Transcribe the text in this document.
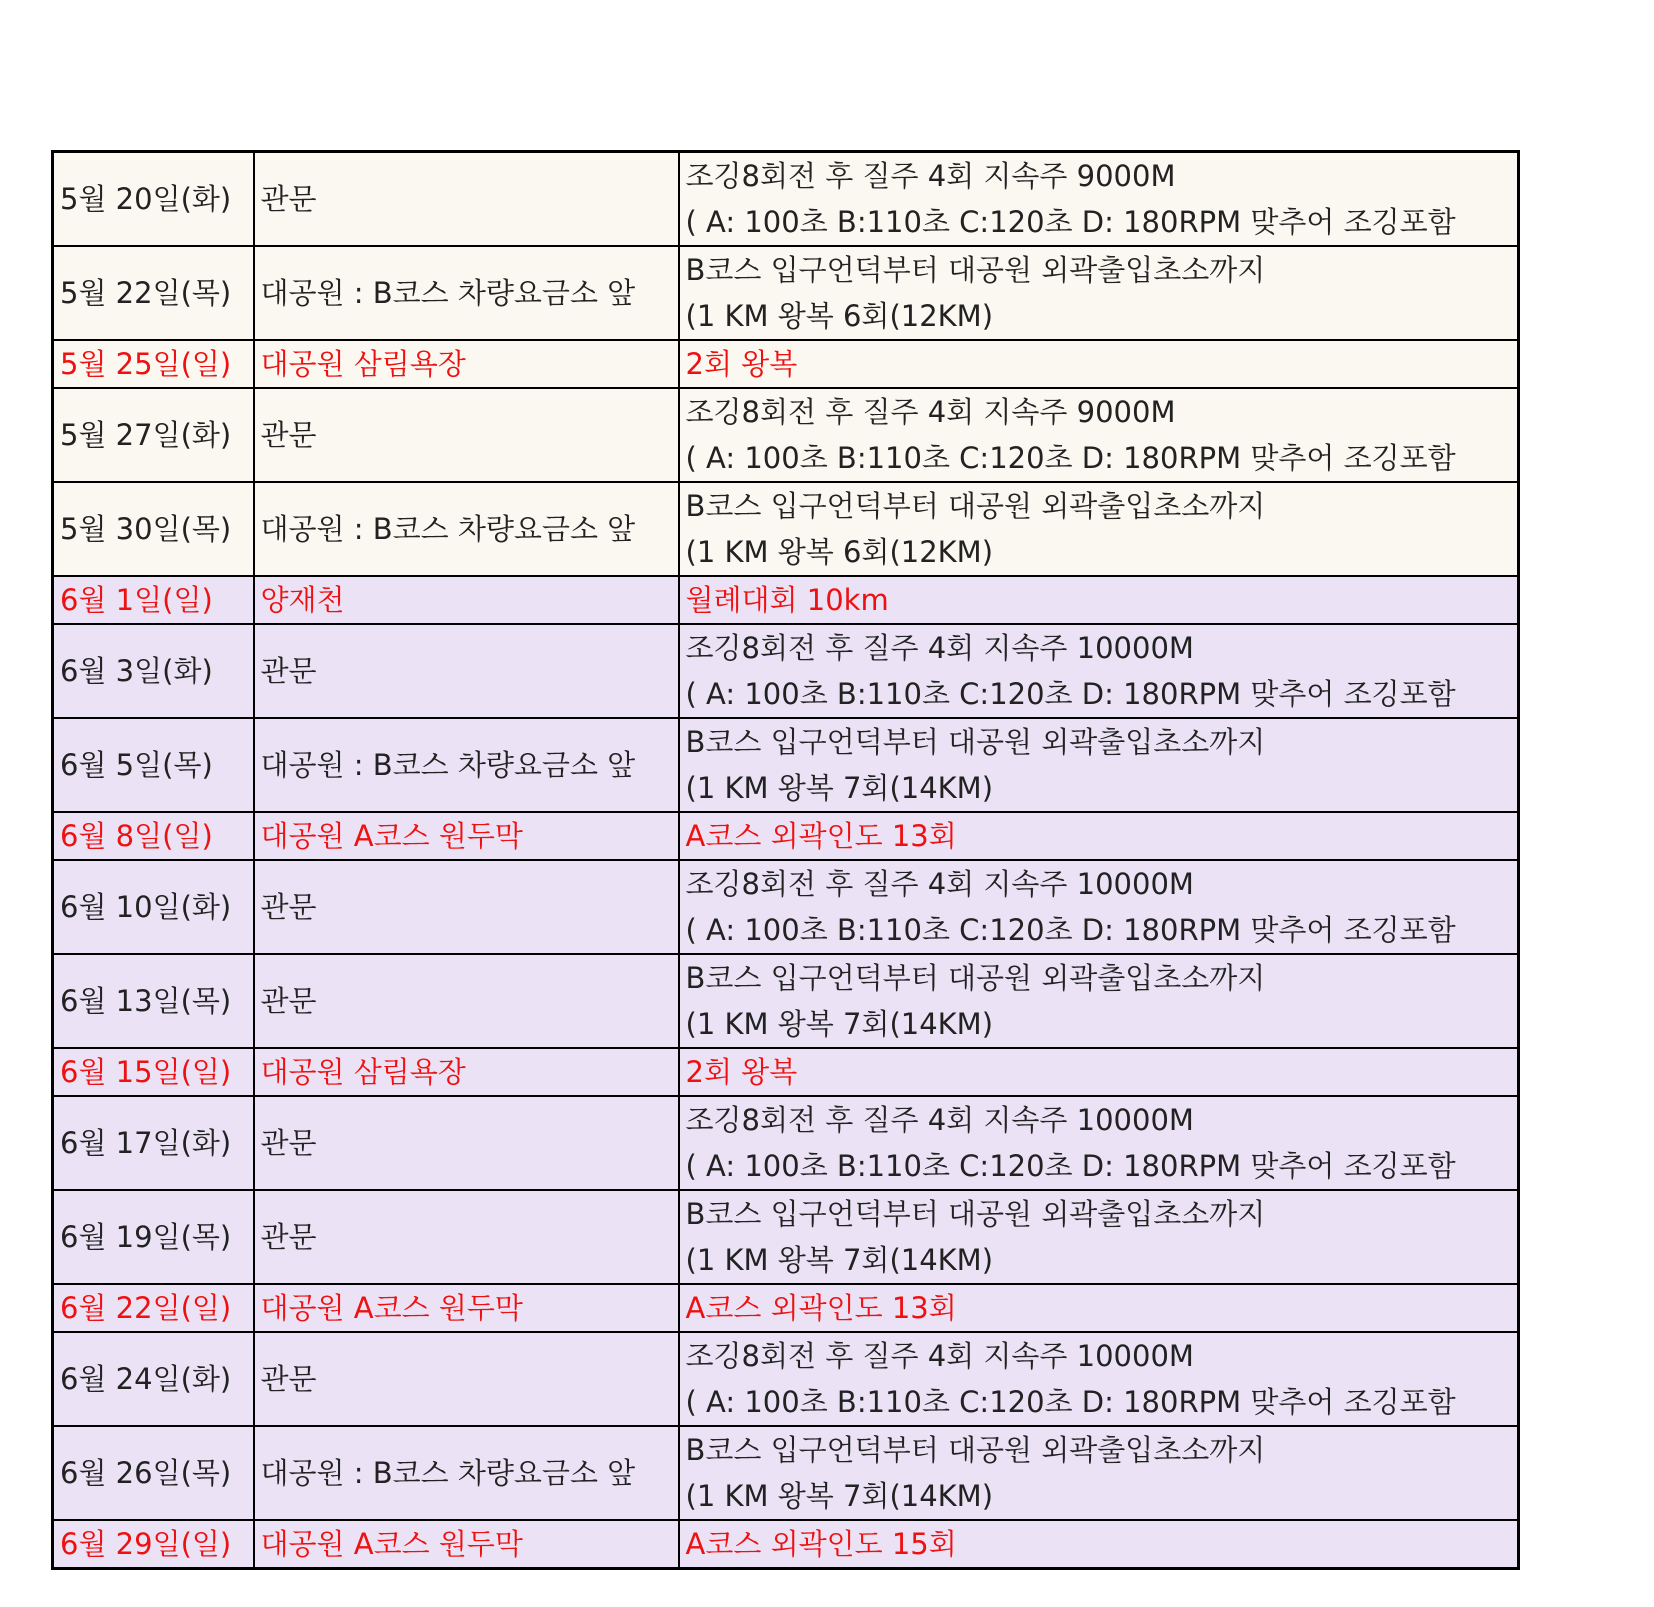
5월 20일(화)	관문	조깅8회전 후 질주 4회 지속주 9000M
( A: 100초 B:110초 C:120초 D: 180RPM 맞추어 조깅포함

5월 22일(목)	대공원 : B코스 차량요금소 앞	B코스 입구언덕부터 대공원 외곽출입초소까지
(1 KM 왕복 6회(12KM)

5월 25일(일)	대공원 삼림욕장	2회 왕복

5월 27일(화)	관문	조깅8회전 후 질주 4회 지속주 9000M
( A: 100초 B:110초 C:120초 D: 180RPM 맞추어 조깅포함

5월 30일(목)	대공원 : B코스 차량요금소 앞	B코스 입구언덕부터 대공원 외곽출입초소까지
(1 KM 왕복 6회(12KM)

6월 1일(일)	양재천	월례대회 10km

6월 3일(화)	관문	조깅8회전 후 질주 4회 지속주 10000M
( A: 100초 B:110초 C:120초 D: 180RPM 맞추어 조깅포함

6월 5일(목)	대공원 : B코스 차량요금소 앞	B코스 입구언덕부터 대공원 외곽출입초소까지
(1 KM 왕복 7회(14KM)

6월 8일(일)	대공원 A코스 원두막	A코스 외곽인도 13회

6월 10일(화)	관문	조깅8회전 후 질주 4회 지속주 10000M
( A: 100초 B:110초 C:120초 D: 180RPM 맞추어 조깅포함

6월 13일(목)	관문	B코스 입구언덕부터 대공원 외곽출입초소까지
(1 KM 왕복 7회(14KM)

6월 15일(일)	대공원 삼림욕장	2회 왕복

6월 17일(화)	관문	조깅8회전 후 질주 4회 지속주 10000M
( A: 100초 B:110초 C:120초 D: 180RPM 맞추어 조깅포함

6월 19일(목)	관문	B코스 입구언덕부터 대공원 외곽출입초소까지
(1 KM 왕복 7회(14KM)

6월 22일(일)	대공원 A코스 원두막	A코스 외곽인도 13회

6월 24일(화)	관문	조깅8회전 후 질주 4회 지속주 10000M
( A: 100초 B:110초 C:120초 D: 180RPM 맞추어 조깅포함

6월 26일(목)	대공원 : B코스 차량요금소 앞	B코스 입구언덕부터 대공원 외곽출입초소까지
(1 KM 왕복 7회(14KM)

6월 29일(일)	대공원 A코스 원두막	A코스 외곽인도 15회
